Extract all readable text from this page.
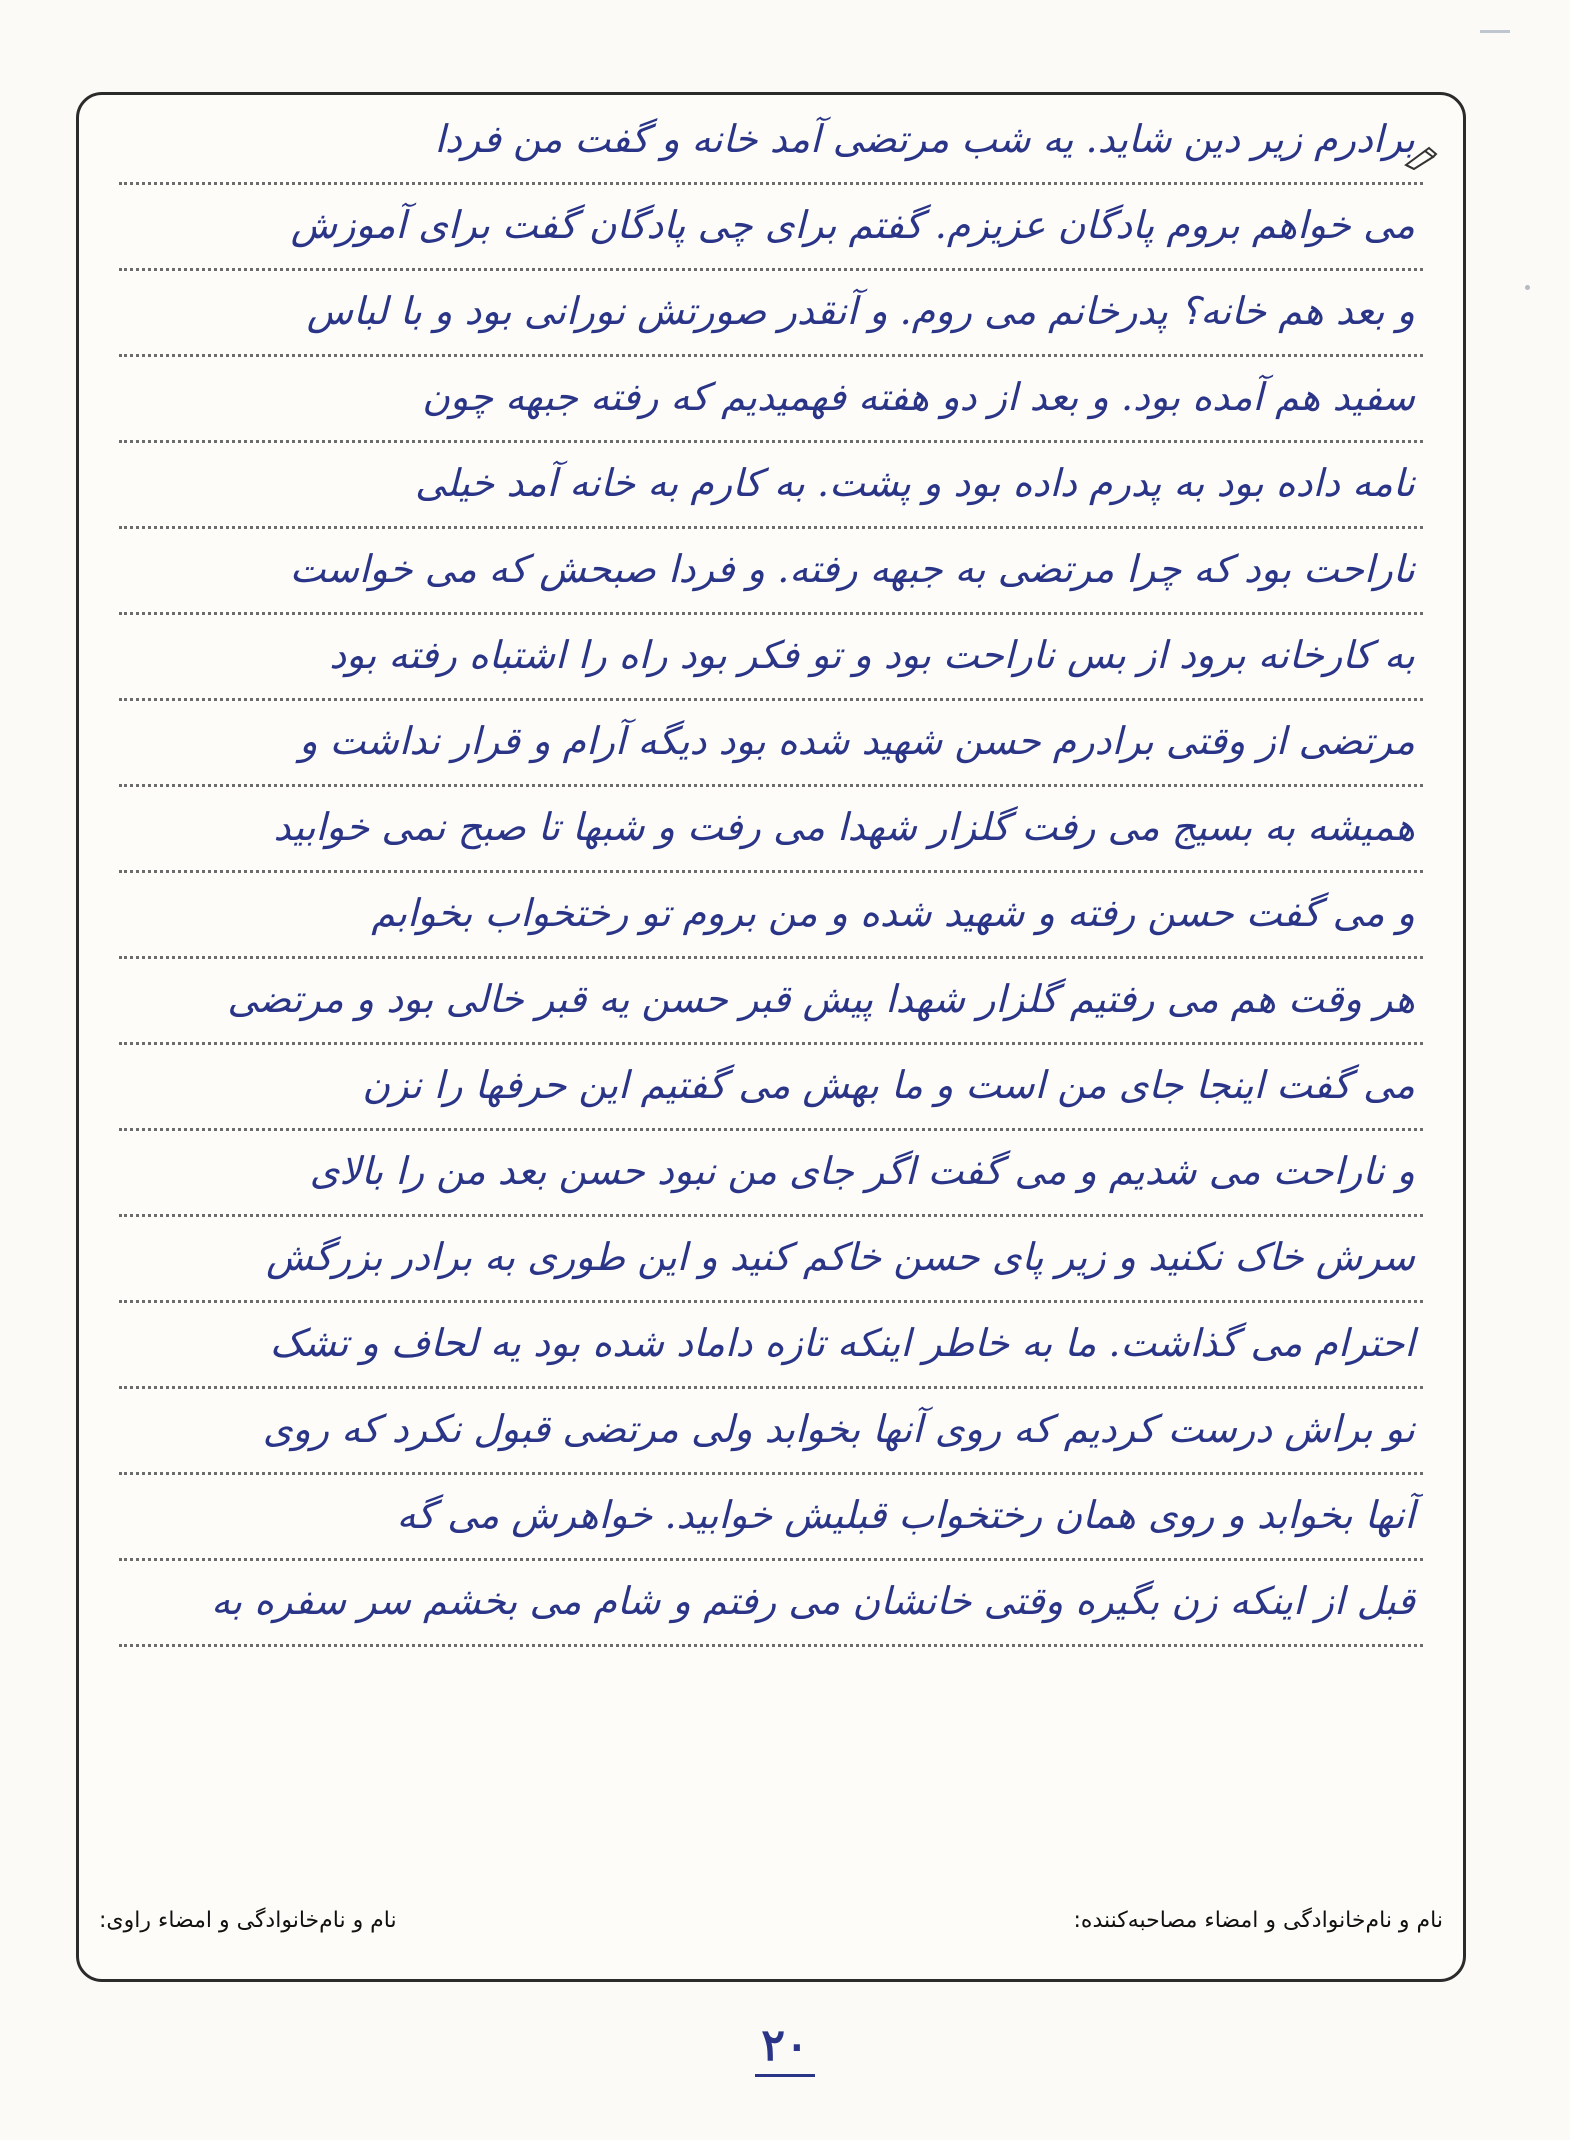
برادرم زیر دین شاید. یه شب مرتضی آمد خانه و گفت من فردا
می خواهم بروم پادگان عزیزم. گفتم برای چی پادگان گفت برای آموزش
و بعد هم خانه؟ پدرخانم می روم. و آنقدر صورتش نورانی بود و با لباس
سفید هم آمده بود. و بعد از دو هفته فهمیدیم که رفته جبهه چون
نامه داده بود به پدرم داده بود و پشت. به کارم به خانه آمد خیلی
ناراحت بود که چرا مرتضی به جبهه رفته. و فردا صبحش که می خواست
به کارخانه برود از بس ناراحت بود و تو فکر بود راه را اشتباه رفته بود
مرتضی از وقتی برادرم حسن شهید شده بود دیگه آرام و قرار نداشت و
همیشه به بسیج می رفت گلزار شهدا می رفت و شبها تا صبح نمی خوابید
و می گفت حسن رفته و شهید شده و من بروم تو رختخواب بخوابم
هر وقت هم می رفتیم گلزار شهدا پیش قبر حسن یه قبر خالی بود و مرتضی
می گفت اینجا جای من است و ما بهش می گفتیم این حرفها را نزن
و ناراحت می شدیم و می گفت اگر جای من نبود حسن بعد من را بالای
سرش خاک نکنید و زیر پای حسن خاکم کنید و این طوری به برادر بزرگش
احترام می گذاشت. ما به خاطر اینکه تازه داماد شده بود یه لحاف و تشک
نو براش درست کردیم که روی آنها بخوابد ولی مرتضی قبول نکرد که روی
آنها بخوابد و روی همان رختخواب قبلیش خوابید. خواهرش می گه
قبل از اینکه زن بگیره وقتی خانشان می رفتم و شام می بخشم سر سفره به
نام و نام‌خانوادگی و امضاء مصاحبه‌کننده:
نام و نام‌خانوادگی و امضاء راوی:
۲۰
